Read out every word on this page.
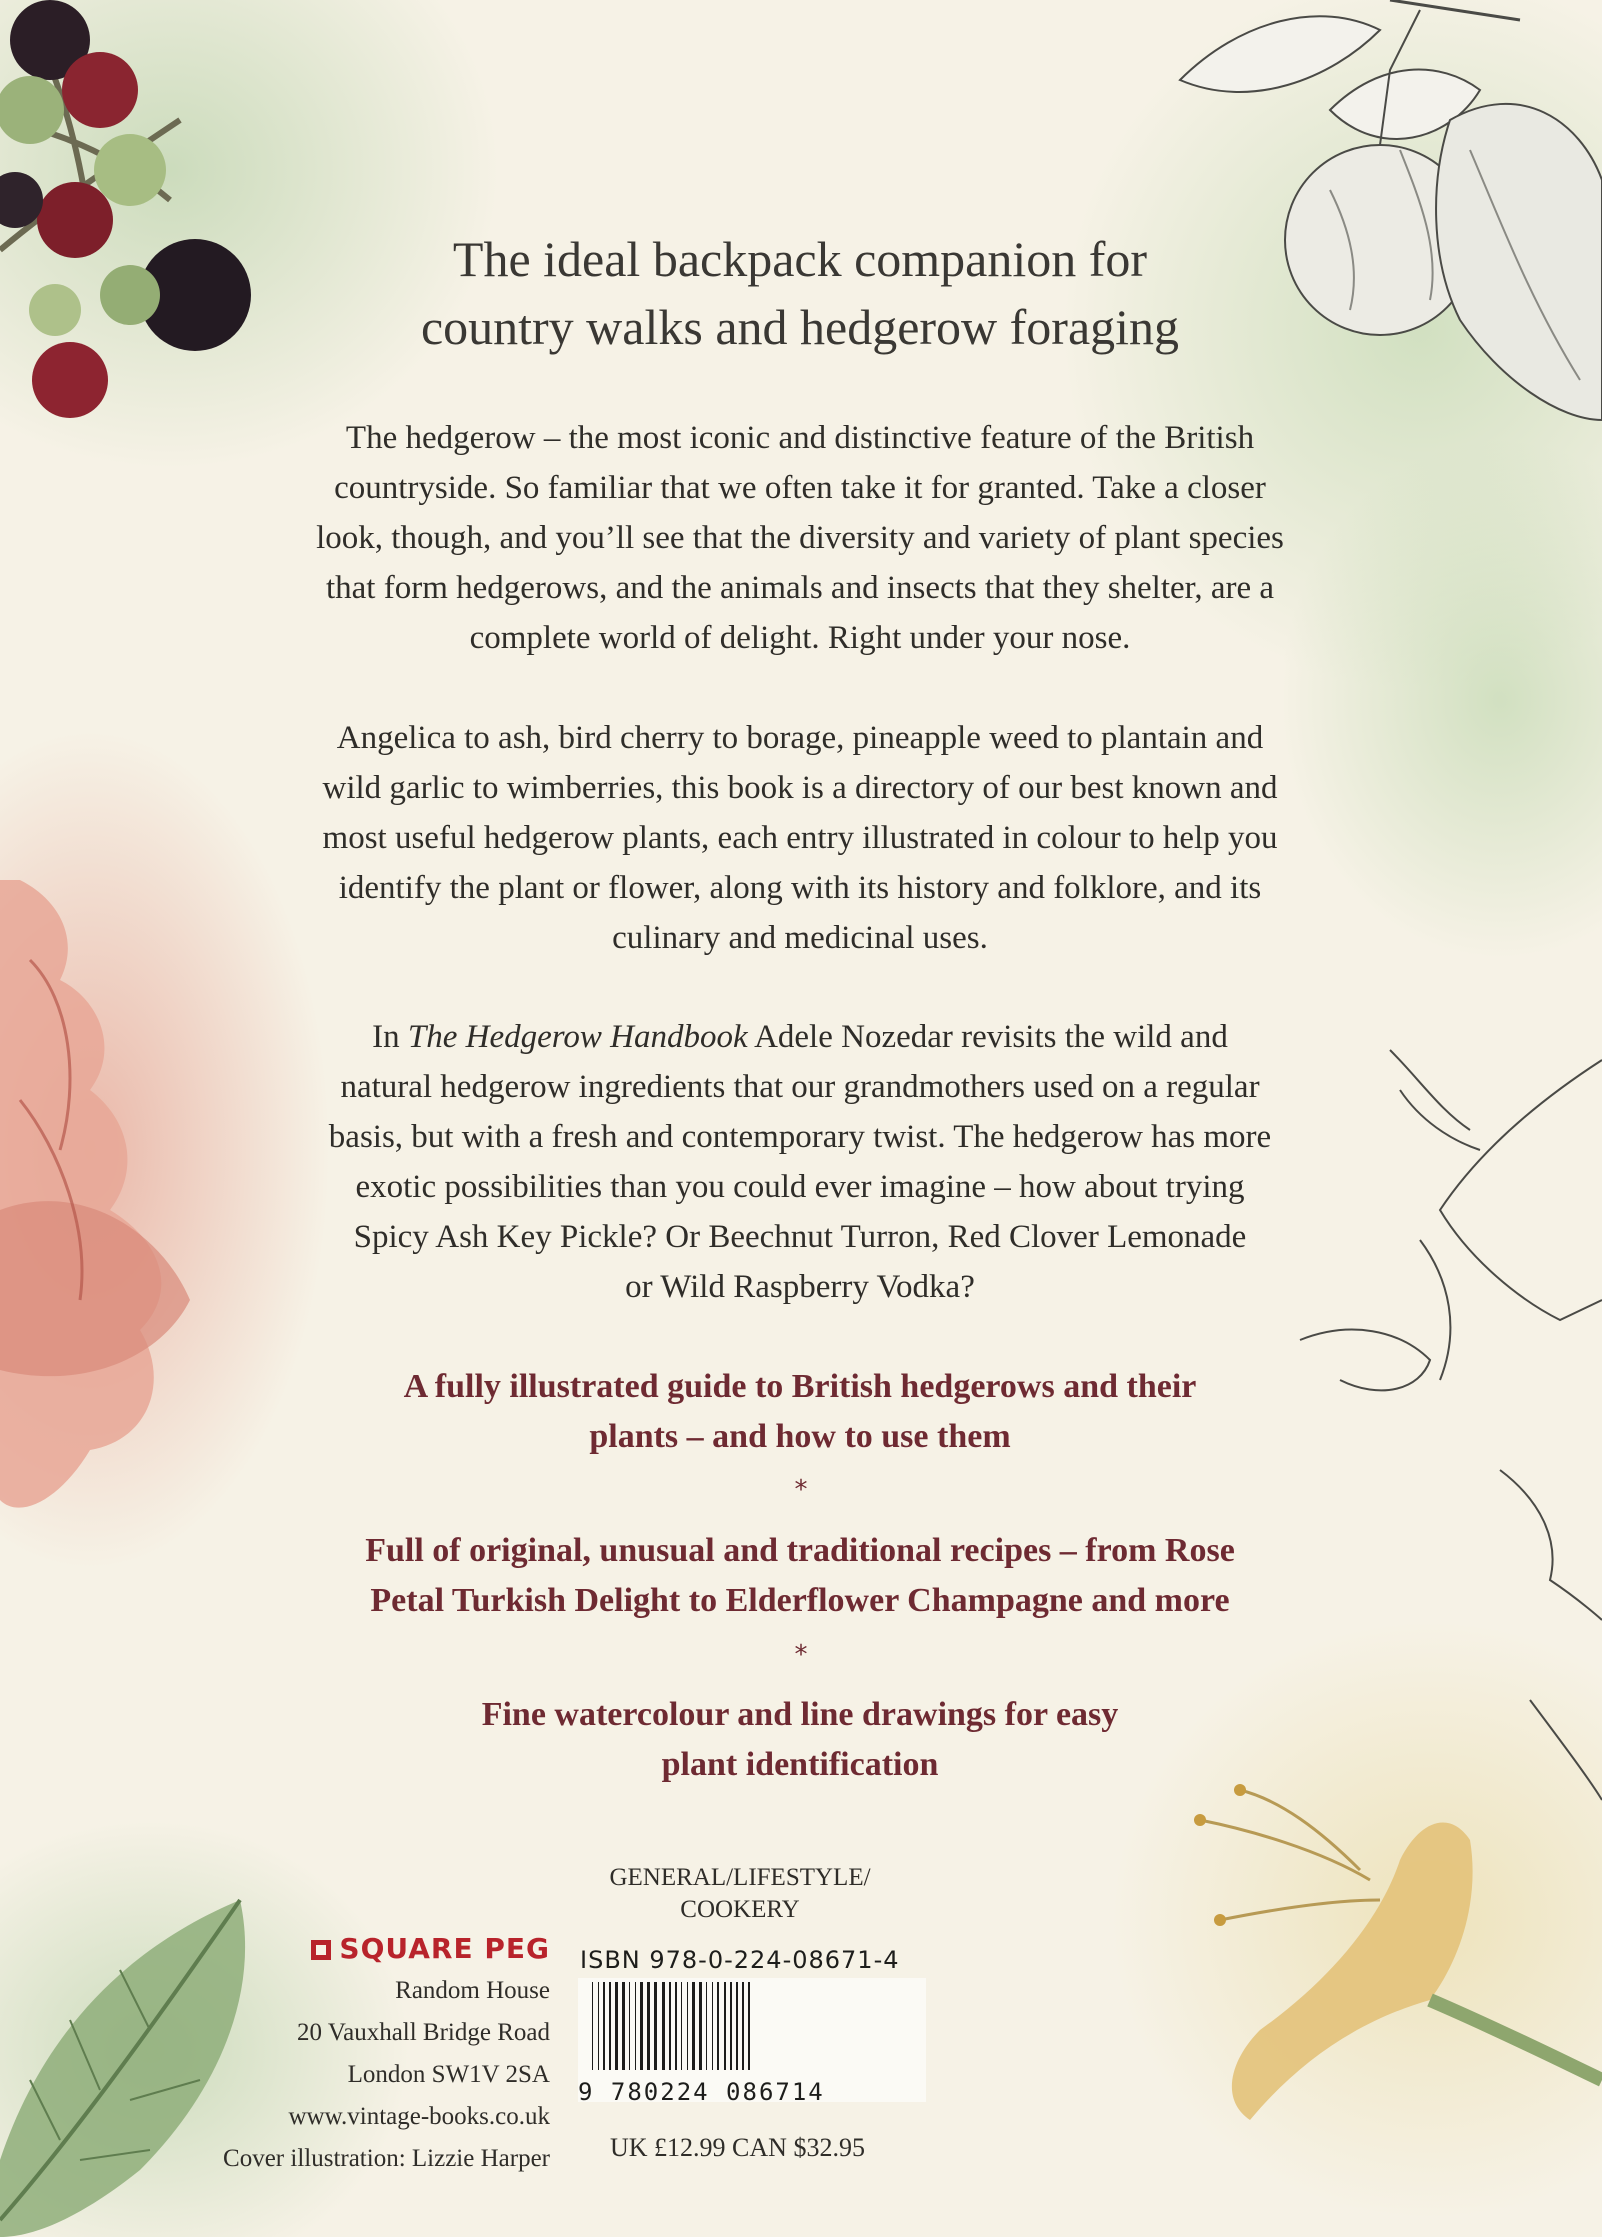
The ideal backpack companion for
country walks and hedgerow foraging
The hedgerow – the most iconic and distinctive feature of the British
countryside. So familiar that we often take it for granted. Take a closer
look, though, and you’ll see that the diversity and variety of plant species
that form hedgerows, and the animals and insects that they shelter, are a
complete world of delight. Right under your nose.
Angelica to ash, bird cherry to borage, pineapple weed to plantain and
wild garlic to wimberries, this book is a directory of our best known and
most useful hedgerow plants, each entry illustrated in colour to help you
identify the plant or flower, along with its history and folklore, and its
culinary and medicinal uses.
In The Hedgerow Handbook Adele Nozedar revisits the wild and
natural hedgerow ingredients that our grandmothers used on a regular
basis, but with a fresh and contemporary twist. The hedgerow has more
exotic possibilities than you could ever imagine – how about trying
Spicy Ash Key Pickle? Or Beechnut Turron, Red Clover Lemonade
or Wild Raspberry Vodka?
A fully illustrated guide to British hedgerows and their
plants – and how to use them
*
Full of original, unusual and traditional recipes – from Rose
Petal Turkish Delight to Elderflower Champagne and more
*
Fine watercolour and line drawings for easy
plant identification
SQUARE PEG
Random House
20 Vauxhall Bridge Road
London SW1V 2SA
www.vintage-books.co.uk
Cover illustration: Lizzie Harper
GENERAL/LIFESTYLE/
COOKERY
ISBN 978-0-224-08671-4
9 780224 086714
UK £12.99 CAN $32.95
